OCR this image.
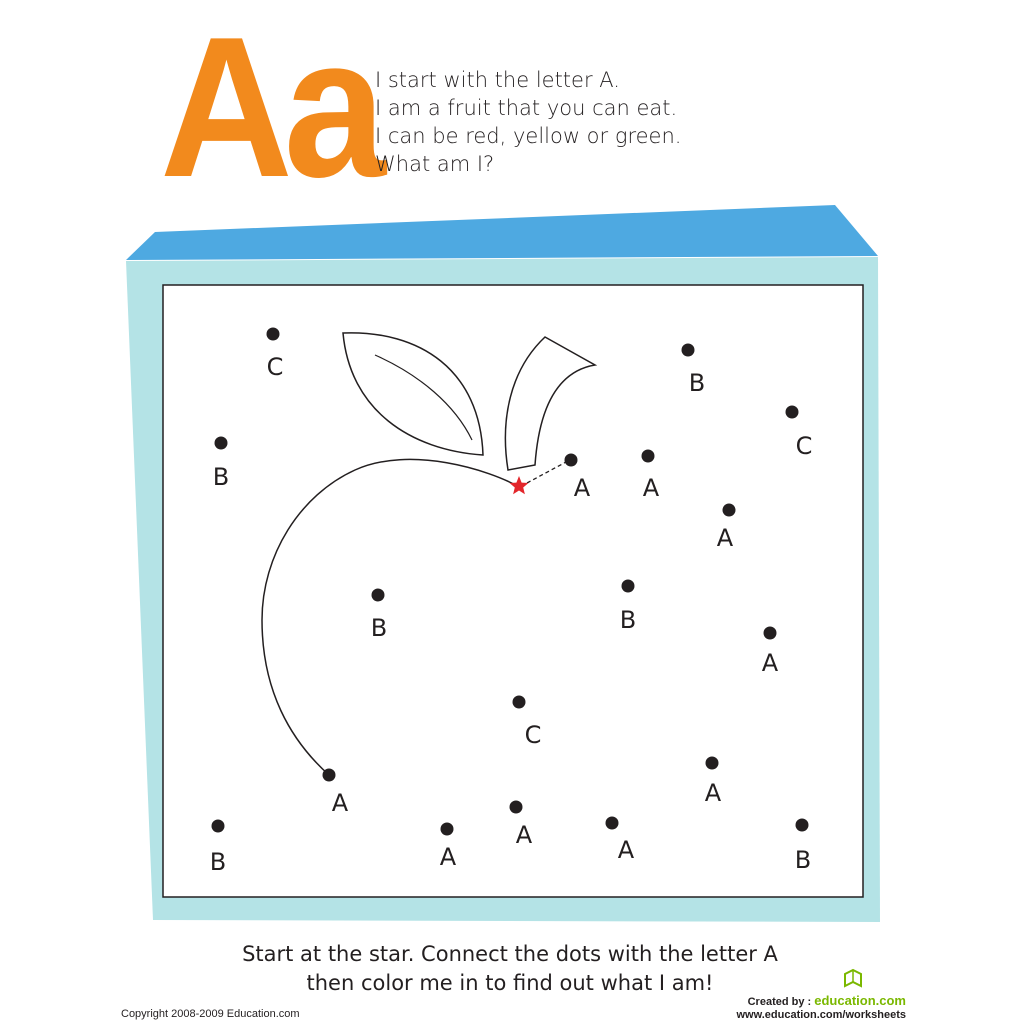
Aa
I start with the letter A.
I am a fruit that you can eat.
I can be red, yellow or green.
What am I?
C
B
B
C
A A
A
B	B
A
C
A	A
B
A
A	A	B
Start at the star. Connect the dots with the letter A
then color me in to find out what I am!
Copyright 2008-2009 Education.com
Created by : education.com
www.education.com/worksheets
